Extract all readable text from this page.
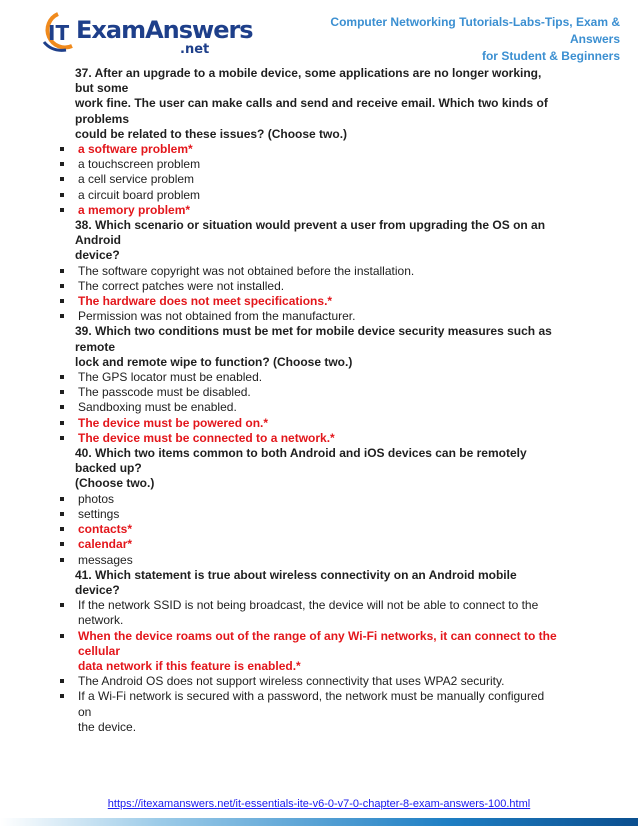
IT ExamAnswers
.net
Computer Networking Tutorials-Labs-Tips, Exam & Answers
for Student & Beginners
37. After an upgrade to a mobile device, some applications are no longer working, but some
work fine. The user can make calls and send and receive email. Which two kinds of problems
could be related to these issues? (Choose two.)
a software problem*
a touchscreen problem
a cell service problem
a circuit board problem
a memory problem*
38. Which scenario or situation would prevent a user from upgrading the OS on an Android
device?
The software copyright was not obtained before the installation.
The correct patches were not installed.
The hardware does not meet specifications.*
Permission was not obtained from the manufacturer.
39. Which two conditions must be met for mobile device security measures such as remote
lock and remote wipe to function? (Choose two.)
The GPS locator must be enabled.
The passcode must be disabled.
Sandboxing must be enabled.
The device must be powered on.*
The device must be connected to a network.*
40. Which two items common to both Android and iOS devices can be remotely backed up?
(Choose two.)
photos
settings
contacts*
calendar*
messages
41. Which statement is true about wireless connectivity on an Android mobile device?
If the network SSID is not being broadcast, the device will not be able to connect to the
network.
When the device roams out of the range of any Wi-Fi networks, it can connect to the cellular
data network if this feature is enabled.*
The Android OS does not support wireless connectivity that uses WPA2 security.
If a Wi-Fi network is secured with a password, the network must be manually configured on
the device.
https://itexamanswers.net/it-essentials-ite-v6-0-v7-0-chapter-8-exam-answers-100.html
